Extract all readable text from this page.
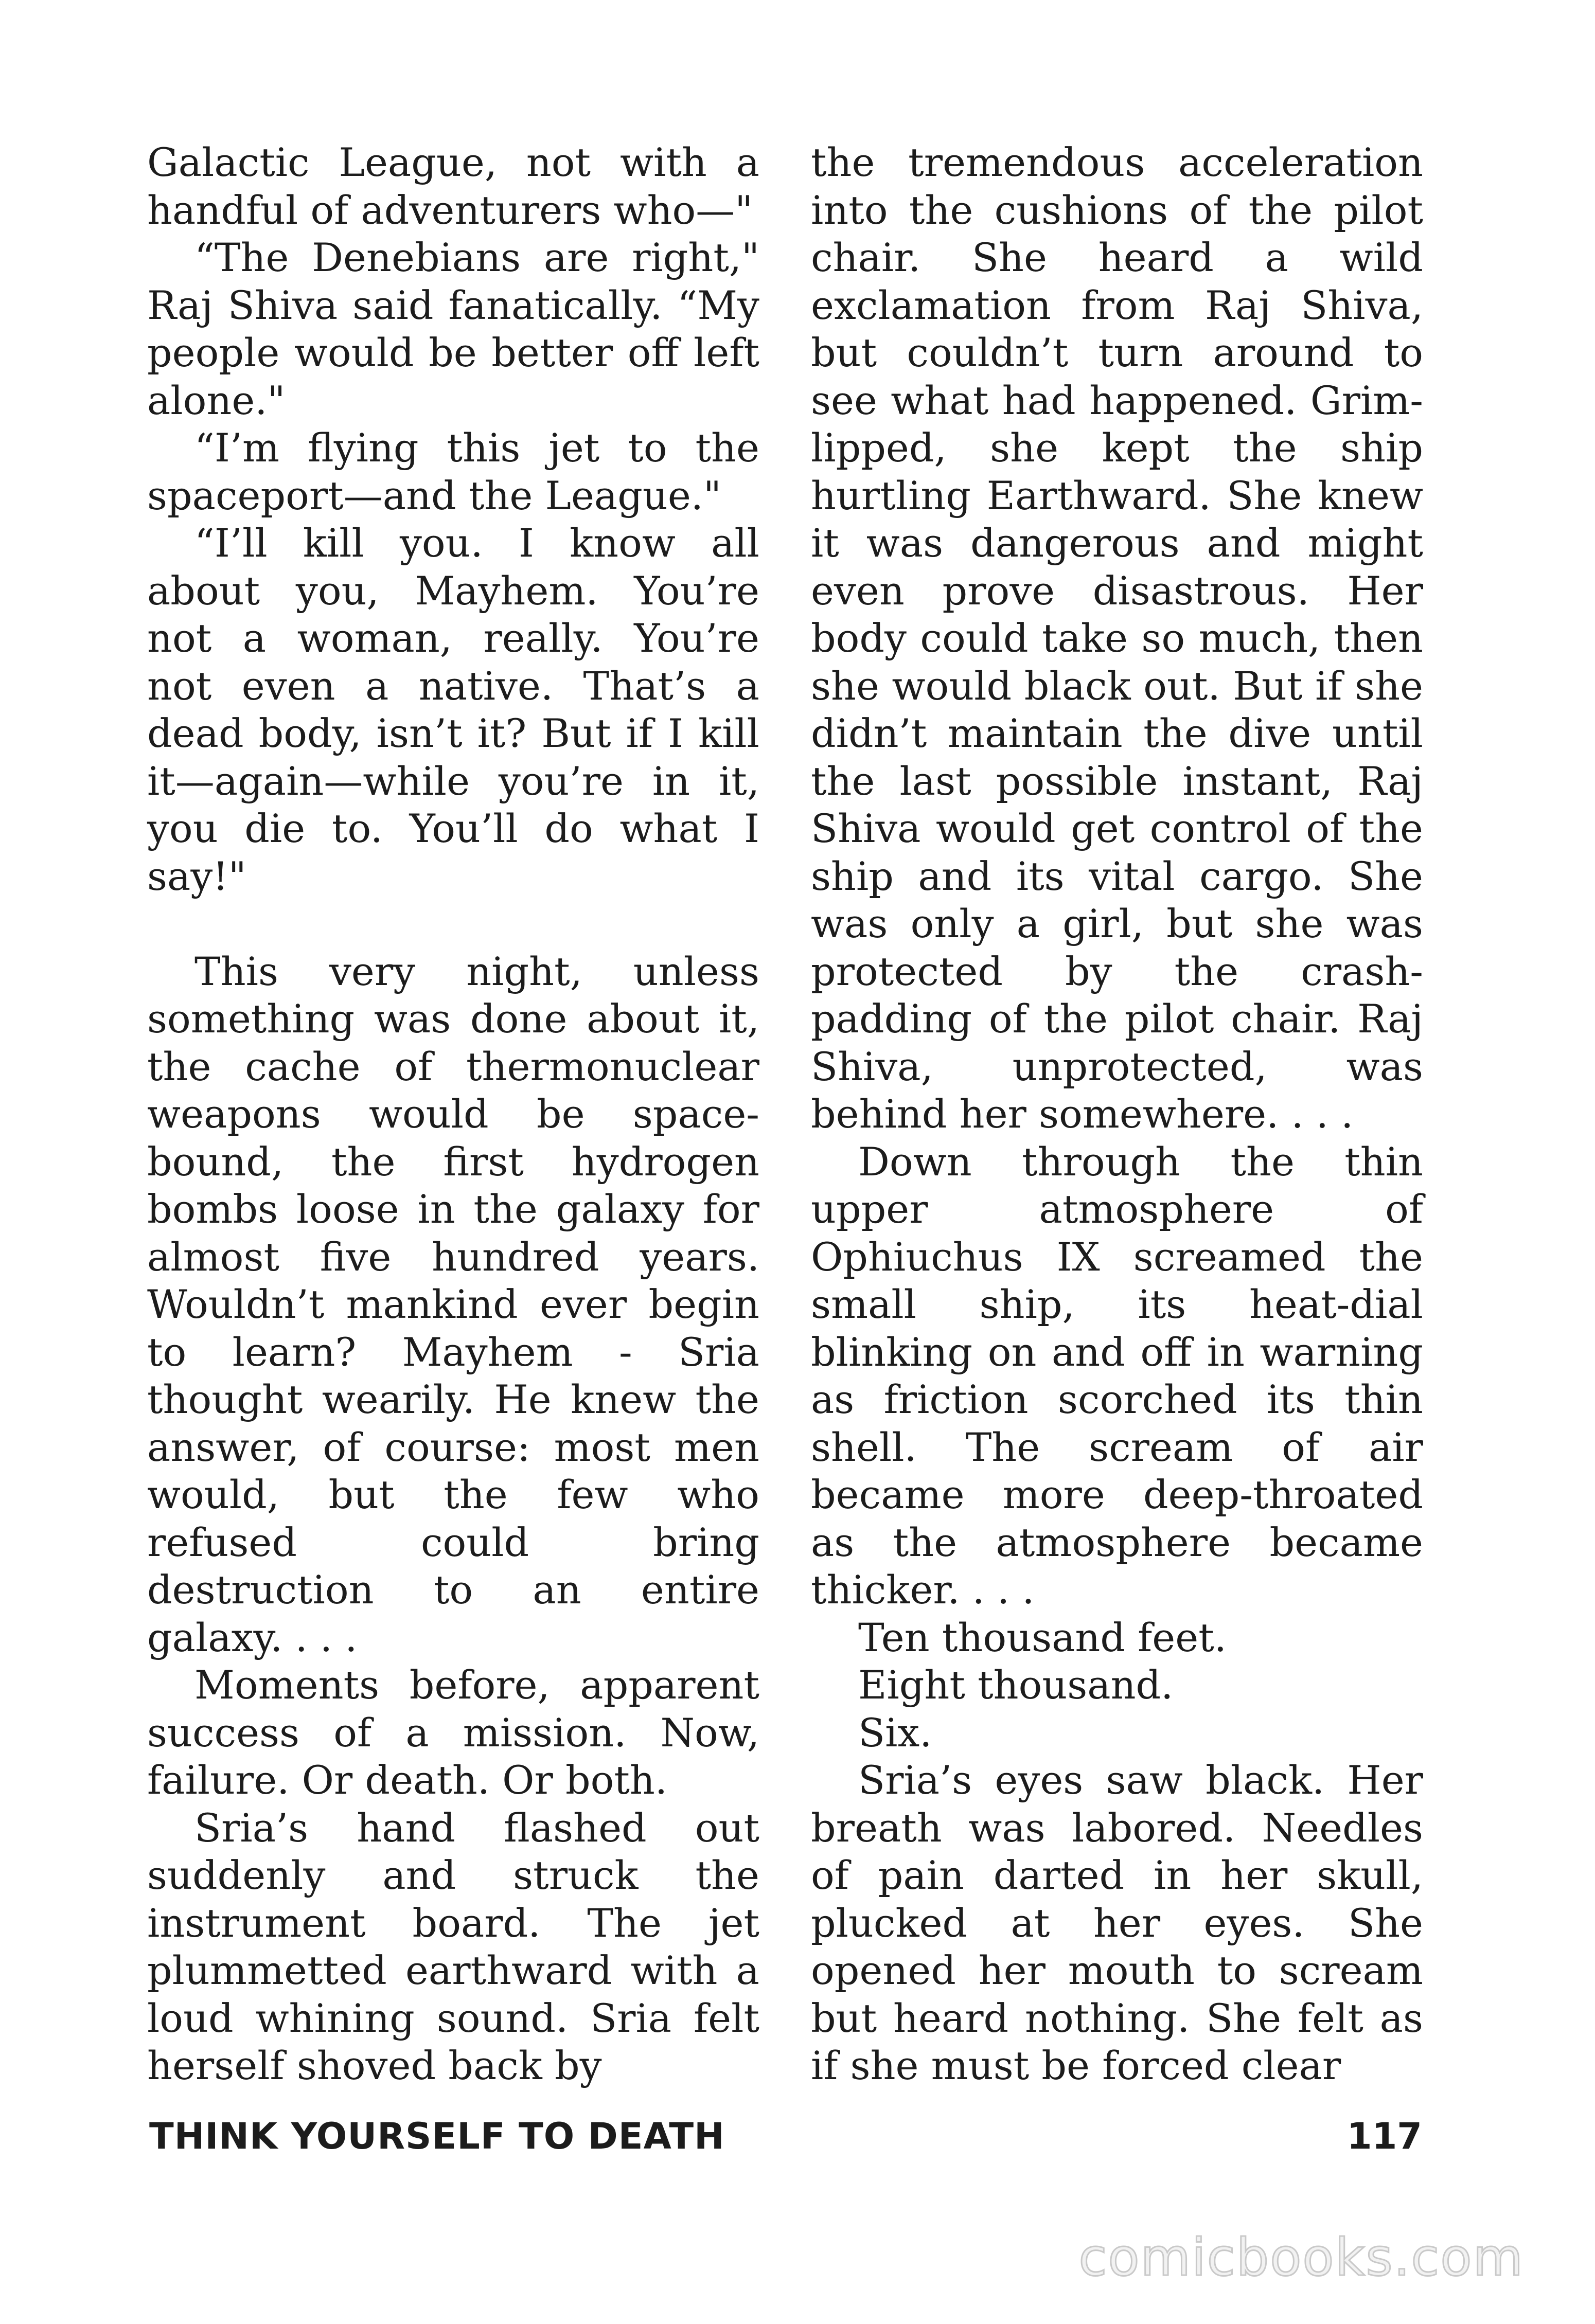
Galactic League, not with a handful of adventurers who—"

“The Denebians are right," Raj Shiva said fanatically. “My people would be better off left alone."

“I’m flying this jet to the spaceport—and the League."

“I’ll kill you. I know all about you, Mayhem. You’re not a woman, really. You’re not even a native. That’s a dead body, isn’t it? But if I kill it—again—while you’re in it, you die to. You’ll do what I say!"

This very night, unless something was done about it, the cache of thermonuclear weapons would be space-bound, the first hydrogen bombs loose in the galaxy for almost five hundred years. Wouldn’t mankind ever begin to learn? Mayhem - Sria thought wearily. He knew the answer, of course: most men would, but the few who refused could bring destruction to an entire galaxy. . . .

Moments before, apparent success of a mission. Now, failure. Or death. Or both.

Sria’s hand flashed out suddenly and struck the instrument board. The jet plummetted earthward with a loud whining sound. Sria felt herself shoved back by

the tremendous acceleration into the cushions of the pilot chair. She heard a wild exclamation from Raj Shiva, but couldn’t turn around to see what had happened. Grim-lipped, she kept the ship hurtling Earthward. She knew it was dangerous and might even prove disastrous. Her body could take so much, then she would black out. But if she didn’t maintain the dive until the last possible instant, Raj Shiva would get control of the ship and its vital cargo. She was only a girl, but she was protected by the crash-padding of the pilot chair. Raj Shiva, unprotected, was behind her somewhere. . . .

Down through the thin upper atmosphere of Ophiuchus IX screamed the small ship, its heat-dial blinking on and off in warning as friction scorched its thin shell. The scream of air became more deep-throated as the atmosphere became thicker. . . .

Ten thousand feet.

Eight thousand.

Six.

Sria’s eyes saw black. Her breath was labored. Needles of pain darted in her skull, plucked at her eyes. She opened her mouth to scream but heard nothing. She felt as if she must be forced clear

THINK YOURSELF TO DEATH	117
comicbooks.com
